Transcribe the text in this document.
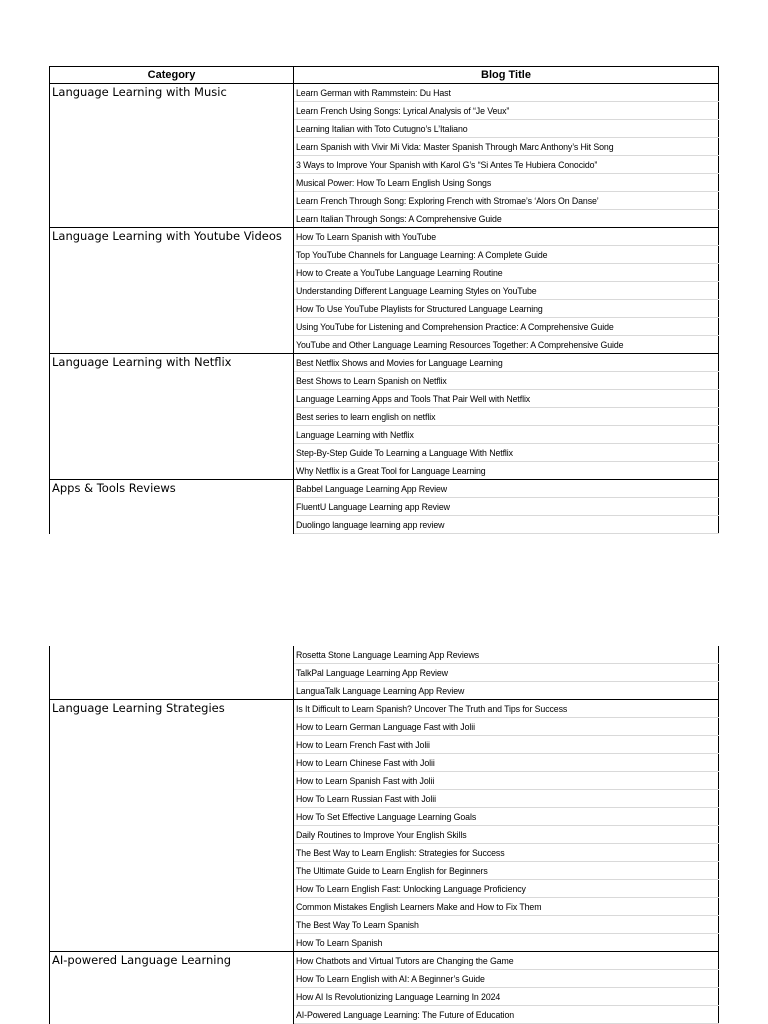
Category	Blog Title
Language Learning with Music	Learn German with Rammstein: Du Hast
	Learn French Using Songs: Lyrical Analysis of “Je Veux”
	Learning Italian with Toto Cutugno’s L’Italiano
	Learn Spanish with Vivir Mi Vida: Master Spanish Through Marc Anthony’s Hit Song
	3 Ways to Improve Your Spanish with Karol G’s “Si Antes Te Hubiera Conocido”
	Musical Power: How To Learn English Using Songs
	Learn French Through Song: Exploring French with Stromae’s ‘Alors On Danse’
	Learn Italian Through Songs: A Comprehensive Guide
Language Learning with Youtube Videos	How To Learn Spanish with YouTube
	Top YouTube Channels for Language Learning: A Complete Guide
	How to Create a YouTube Language Learning Routine
	Understanding Different Language Learning Styles on YouTube
	How To Use YouTube Playlists for Structured Language Learning
	Using YouTube for Listening and Comprehension Practice: A Comprehensive Guide
	YouTube and Other Language Learning Resources Together: A Comprehensive Guide
Language Learning with Netflix	Best Netflix Shows and Movies for Language Learning
	Best Shows to Learn Spanish on Netflix
	Language Learning Apps and Tools That Pair Well with Netflix
	Best series to learn english on netflix
	Language Learning with Netflix
	Step-By-Step Guide To Learning a Language With Netflix
	Why Netflix is a Great Tool for Language Learning
Apps & Tools Reviews	Babbel Language Learning App Review
	FluentU Language Learning app Review
	Duolingo language learning app review
	Rosetta Stone Language Learning App Reviews
	TalkPal Language Learning App Review
	LanguaTalk Language Learning App Review
Language Learning Strategies	Is It Difficult to Learn Spanish? Uncover The Truth and Tips for Success
	How to Learn German Language Fast with Jolii
	How to Learn French Fast with Jolii
	How to Learn Chinese Fast with Jolii
	How to Learn Spanish Fast with Jolii
	How To Learn Russian Fast with Jolii
	How To Set Effective Language Learning Goals
	Daily Routines to Improve Your English Skills
	The Best Way to Learn English: Strategies for Success
	The Ultimate Guide to Learn English for Beginners
	How To Learn English Fast: Unlocking Language Proficiency
	Common Mistakes English Learners Make and How to Fix Them
	The Best Way To Learn Spanish
	How To Learn Spanish
AI-powered Language Learning	How Chatbots and Virtual Tutors are Changing the Game
	How To Learn English with AI: A Beginner’s Guide
	How AI Is Revolutionizing Language Learning In 2024
	AI-Powered Language Learning: The Future of Education
